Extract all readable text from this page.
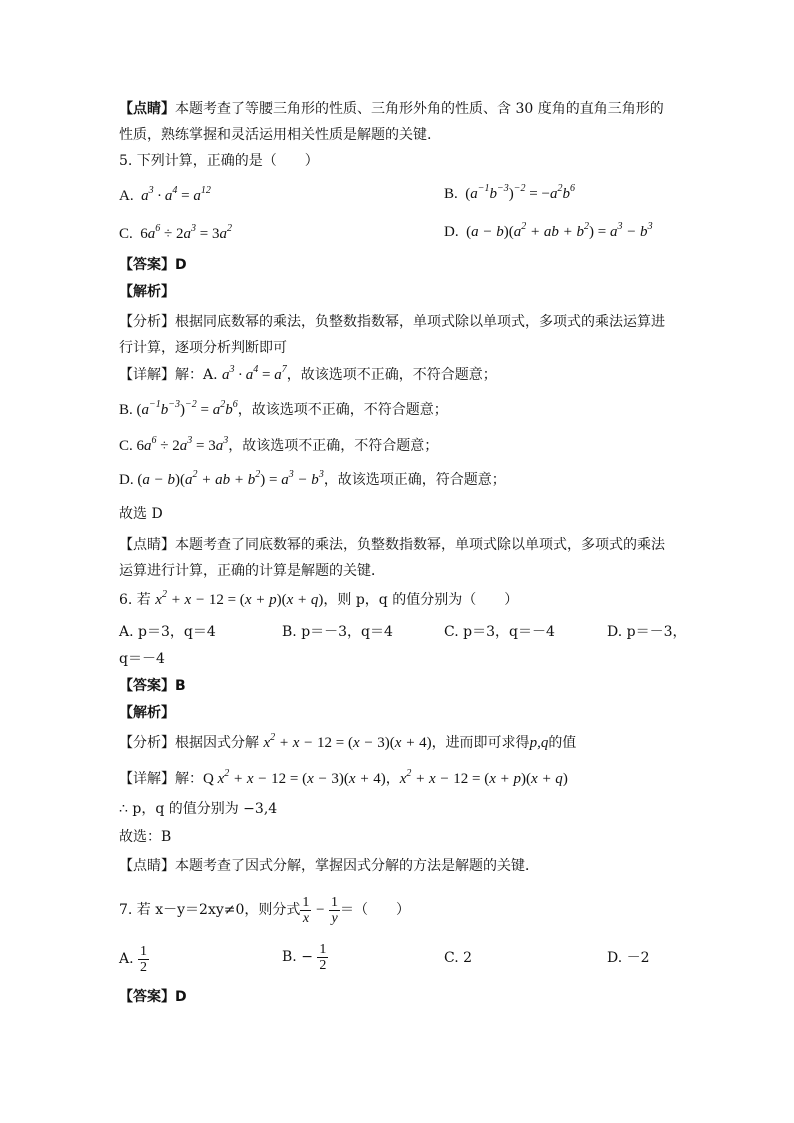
【点睛】本题考查了等腰三角形的性质、三角形外角的性质、含 30 度角的直角三角形的性质，熟练掌握和灵活运用相关性质是解题的关键.
5. 下列计算，正确的是（　　）
A.  $a^3 \cdot a^4 = a^{12}$	B. $(a^{-1}b^{-3})^{-2} = -a^2b^6$
C. $6a^6 \div 2a^3 = 3a^2$	D. $(a - b)(a^2$ + ab + $b^2) = a^3 - b^3$
【答案】D
【解析】
【分析】根据同底数幂的乘法，负整数指数幂，单项式除以单项式，多项式的乘法运算进行计算，逐项分析判断即可
【详解】解：A. $a^3 \cdot a^4 = a^7$，故该选项不正确，不符合题意；
B. $(a^{-1}b^{-3})^{-2} = a^2b^6$，故该选项不正确，不符合题意；
C. $6a^6 \div 2a^3 = 3a^3$，故该选项不正确，不符合题意；
D. $(a - b)(a^2$ + ab + $b^2) = a^3 - b^3$，故该选项正确，符合题意；
故选 D
【点睛】本题考查了同底数幂的乘法，负整数指数幂，单项式除以单项式，多项式的乘法运算进行计算，正确的计算是解题的关键．
6. 若 $x^2 + x - 12 = (x + p)(x + q)$，则 p，q 的值分别为（　　）
A. p＝3，q＝4	B. p＝－3，q＝4	C. p＝3，q＝－4	D. p＝－3，
q＝－4
【答案】B
【解析】
【分析】根据因式分解 $x^2 + x - 12 = (x - 3)(x + 4)$，进而即可求得p,q的值
【详解】解：Q $x^2 + x - 12 = (x - 3)(x + 4)$，$x^2 + x - 12 = (x + p)(x + q)$
∴ p，q 的值分别为 −3,4
故选：B
【点睛】本题考查了因式分解，掌握因式分解的方法是解题的关键．
7. 若 x－y＝2xy≠0，则分式 $\frac{1}{x} - \frac{1}{y}$ ＝（　　）
A. $\frac{1}{2}$	B. − $\frac{1}{2}$	C. 2	D. －2
【答案】D
